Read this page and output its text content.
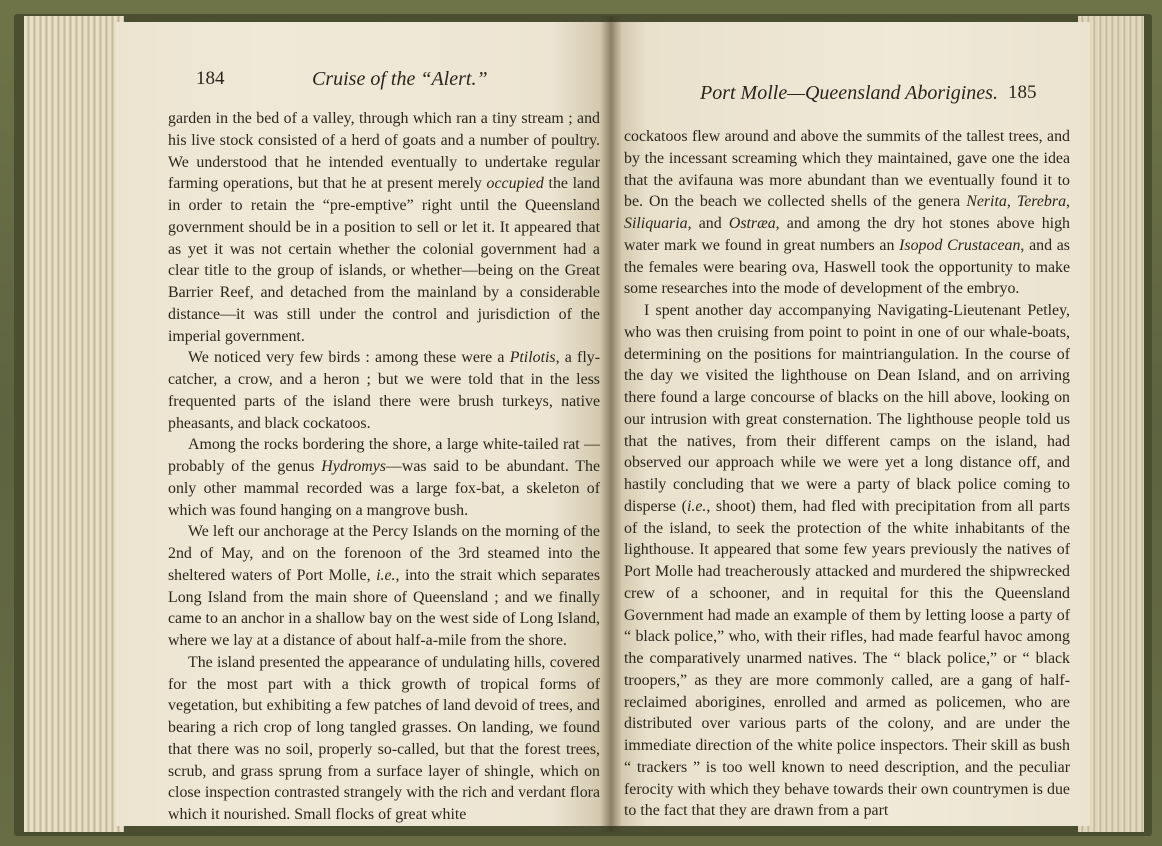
184	Cruise of the “Alert.”

garden in the bed of a valley, through which ran a tiny stream ; and his live stock consisted of a herd of goats and a number of poultry. We understood that he intended eventually to undertake regular farming operations, but that he at present merely occupied the land in order to retain the “pre-emptive” right until the Queensland government should be in a position to sell or let it. It appeared that as yet it was not certain whether the colonial government had a clear title to the group of islands, or whether—being on the Great Barrier Reef, and detached from the mainland by a considerable distance—it was still under the control and jurisdiction of the imperial government.

We noticed very few birds : among these were a Ptilotis, a fly-catcher, a crow, and a heron ; but we were told that in the less frequented parts of the island there were brush turkeys, native pheasants, and black cockatoos.

Among the rocks bordering the shore, a large white-tailed rat —probably of the genus Hydromys—was said to be abundant. The only other mammal recorded was a large fox-bat, a skeleton of which was found hanging on a mangrove bush.

We left our anchorage at the Percy Islands on the morning of the 2nd of May, and on the forenoon of the 3rd steamed into the sheltered waters of Port Molle, i.e., into the strait which separates Long Island from the main shore of Queensland ; and we finally came to an anchor in a shallow bay on the west side of Long Island, where we lay at a distance of about half-a-mile from the shore.

The island presented the appearance of undulating hills, covered for the most part with a thick growth of tropical forms of vegetation, but exhibiting a few patches of land devoid of trees, and bearing a rich crop of long tangled grasses. On landing, we found that there was no soil, properly so-called, but that the forest trees, scrub, and grass sprung from a surface layer of shingle, which on close inspection contrasted strangely with the rich and verdant flora which it nourished. Small flocks of great white

Port Molle—Queensland Aborigines. 185

cockatoos flew around and above the summits of the tallest trees, and by the incessant screaming which they maintained, gave one the idea that the avifauna was more abundant than we eventually found it to be. On the beach we collected shells of the genera Nerita, Terebra, Siliquaria, and Ostræa, and among the dry hot stones above high water mark we found in great numbers an Isopod Crustacean, and as the females were bearing ova, Haswell took the opportunity to make some researches into the mode of development of the embryo.

I spent another day accompanying Navigating-Lieutenant Petley, who was then cruising from point to point in one of our whale-boats, determining on the positions for maintriangulation. In the course of the day we visited the lighthouse on Dean Island, and on arriving there found a large concourse of blacks on the hill above, looking on our intrusion with great consternation. The lighthouse people told us that the natives, from their different camps on the island, had observed our approach while we were yet a long distance off, and hastily concluding that we were a party of black police coming to disperse (i.e., shoot) them, had fled with precipitation from all parts of the island, to seek the protection of the white inhabitants of the lighthouse. It appeared that some few years previously the natives of Port Molle had treacherously attacked and murdered the shipwrecked crew of a schooner, and in requital for this the Queensland Government had made an example of them by letting loose a party of “ black police,” who, with their rifles, had made fearful havoc among the comparatively unarmed natives. The “ black police,” or “ black troopers,” as they are more commonly called, are a gang of half-reclaimed aborigines, enrolled and armed as policemen, who are distributed over various parts of the colony, and are under the immediate direction of the white police inspectors. Their skill as bush “ trackers ” is too well known to need description, and the peculiar ferocity with which they behave towards their own countrymen is due to the fact that they are drawn from a part
